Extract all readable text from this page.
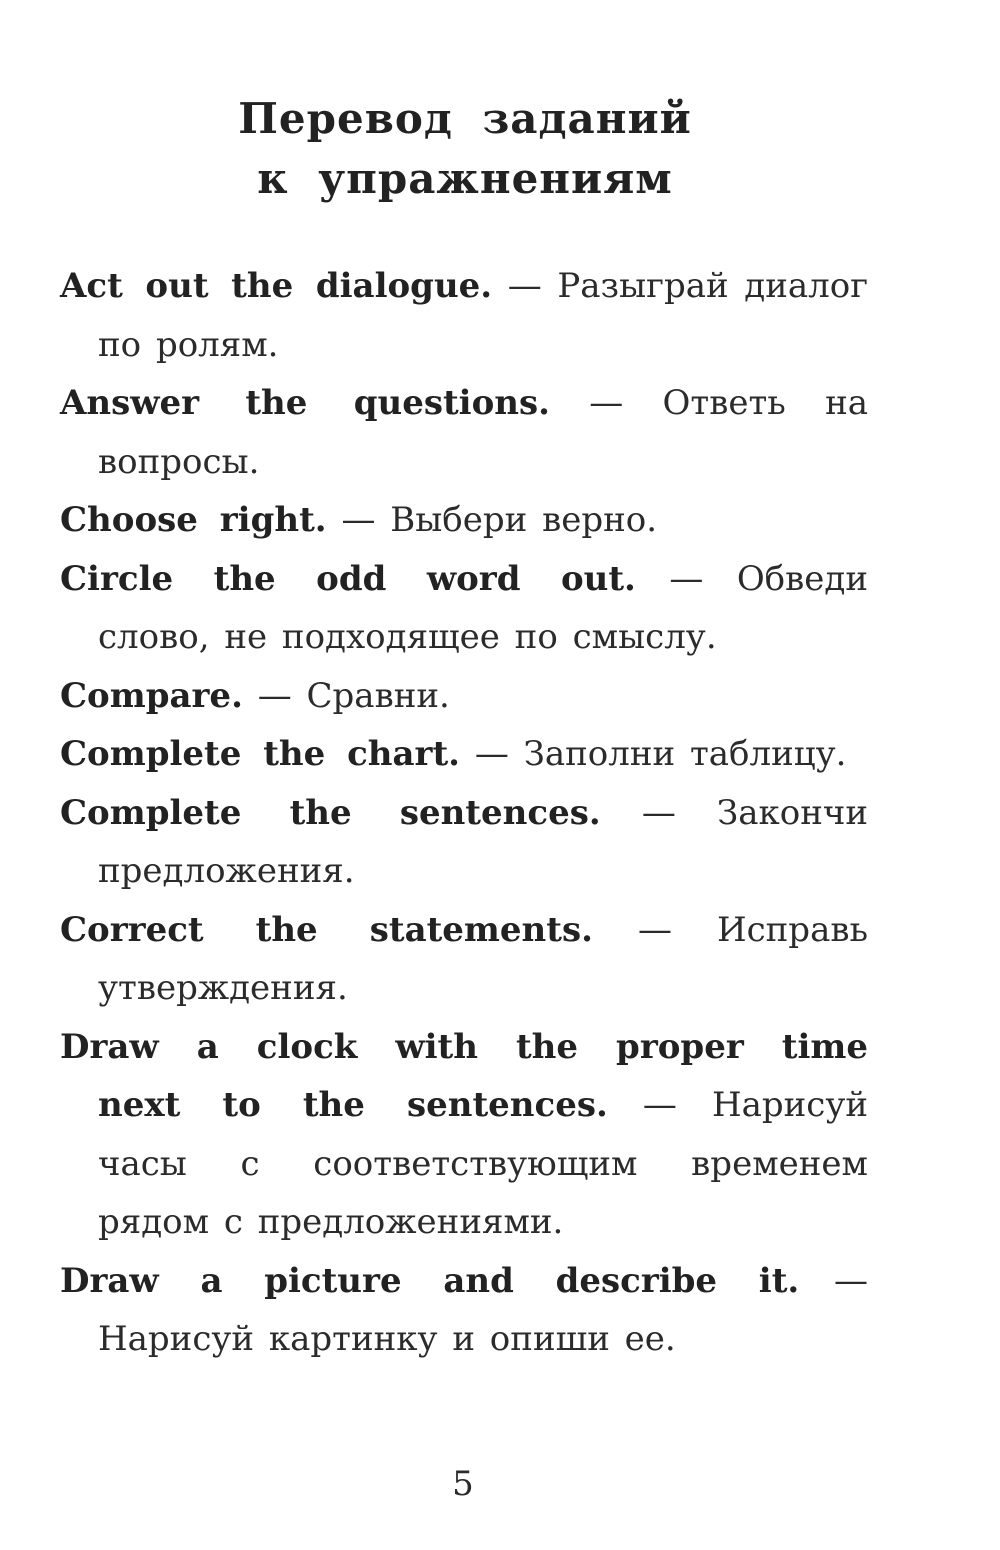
Перевод заданий
к упражнениям
Act out the dialogue. — Разыграй диалог по ролям.
Answer the questions. — Ответь на вопросы.
Choose right. — Выбери верно.
Circle the odd word out. — Обведи слово, не подходящее по смыслу.
Compare. — Сравни.
Complete the chart. — Заполни таблицу.
Complete the sentences. — Закончи предложения.
Correct the statements. — Исправь утверждения.
Draw a clock with the proper time next to the sentences. — Нарисуй часы с соответствующим временем рядом с предложениями.
Draw a picture and describe it. — Нарисуй картинку и опиши ее.
5
